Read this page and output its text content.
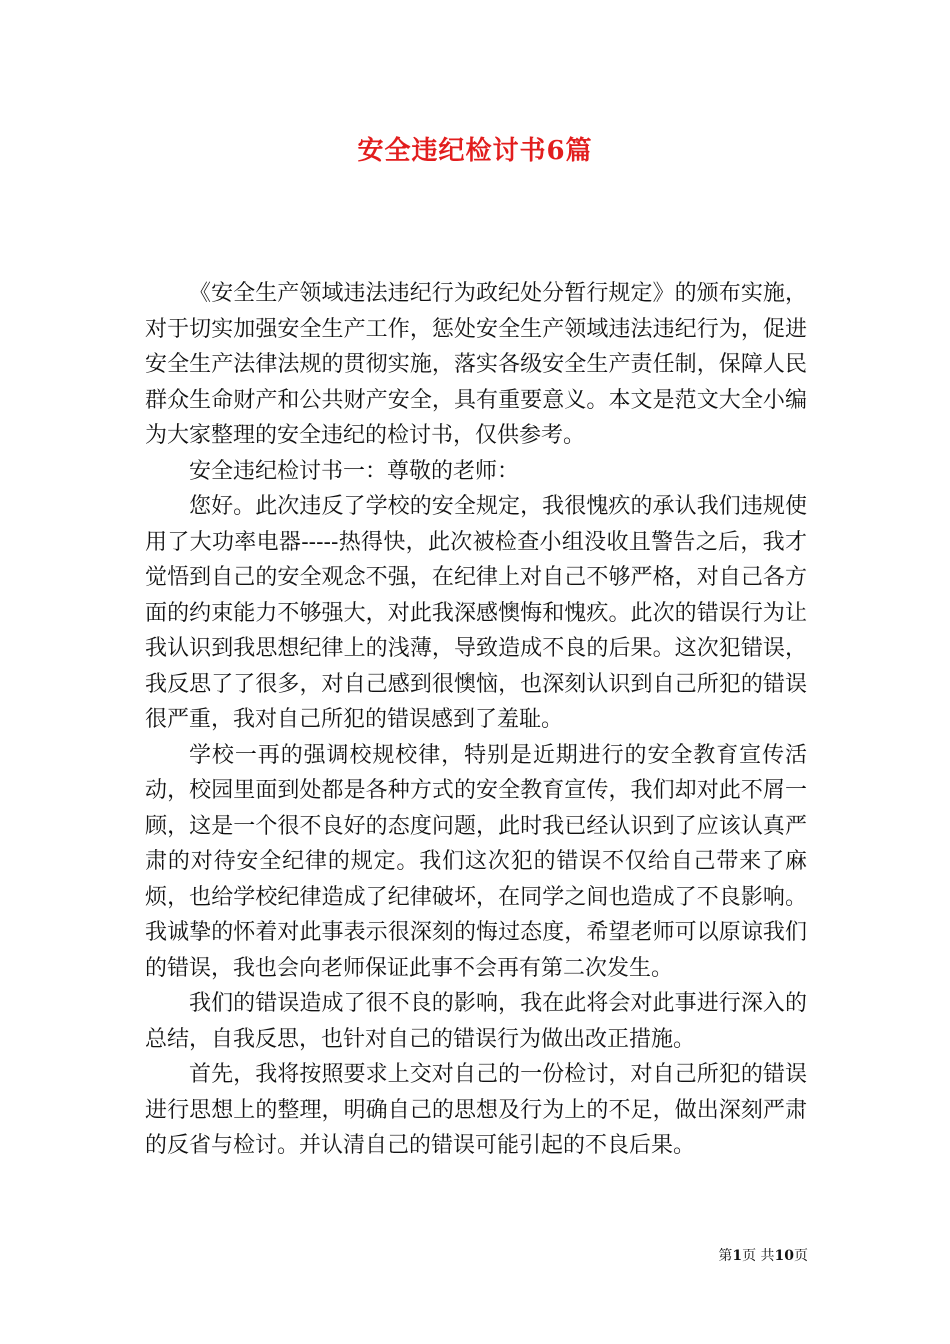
安全违纪检讨书6篇

《安全生产领域违法违纪行为政纪处分暂行规定》的颁布实施，对于切实加强安全生产工作，惩处安全生产领域违法违纪行为，促进安全生产法律法规的贯彻实施，落实各级安全生产责任制，保障人民群众生命财产和公共财产安全，具有重要意义。本文是范文大全小编为大家整理的安全违纪的检讨书，仅供参考。

安全违纪检讨书一：尊敬的老师：

您好。此次违反了学校的安全规定，我很愧疚的承认我们违规使用了大功率电器-----热得快，此次被检查小组没收且警告之后，我才觉悟到自己的安全观念不强，在纪律上对自己不够严格，对自己各方面的约束能力不够强大，对此我深感懊悔和愧疚。此次的错误行为让我认识到我思想纪律上的浅薄，导致造成不良的后果。这次犯错误，我反思了了很多，对自己感到很懊恼，也深刻认识到自己所犯的错误很严重，我对自己所犯的错误感到了羞耻。

学校一再的强调校规校律，特别是近期进行的安全教育宣传活动，校园里面到处都是各种方式的安全教育宣传，我们却对此不屑一顾，这是一个很不良好的态度问题，此时我已经认识到了应该认真严肃的对待安全纪律的规定。我们这次犯的错误不仅给自己带来了麻烦，也给学校纪律造成了纪律破坏，在同学之间也造成了不良影响。我诚挚的怀着对此事表示很深刻的悔过态度，希望老师可以原谅我们的错误，我也会向老师保证此事不会再有第二次发生。

我们的错误造成了很不良的影响，我在此将会对此事进行深入的总结，自我反思，也针对自己的错误行为做出改正措施。

首先，我将按照要求上交对自己的一份检讨，对自己所犯的错误进行思想上的整理，明确自己的思想及行为上的不足，做出深刻严肃的反省与检讨。并认清自己的错误可能引起的不良后果。

第1页 共10页
